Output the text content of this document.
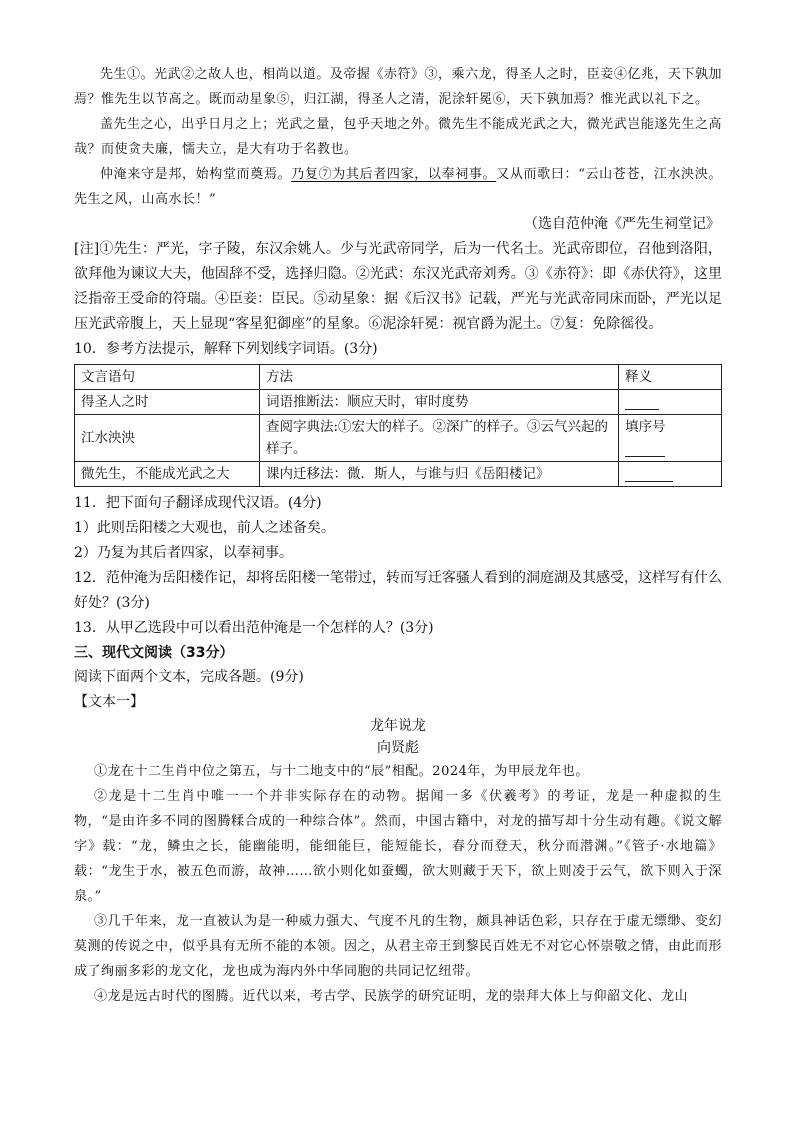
先生①。光武②之故人也，相尚以道。及帝握《赤符》③，乘六龙，得圣人之时，臣妾④亿兆，天下孰加焉？惟先生以节高之。既而动星象⑤，归江湖，得圣人之清，泥涂轩冕⑥，天下孰加焉？惟光武以礼下之。

盖先生之心，出乎日月之上；光武之量，包乎天地之外。微先生不能成光武之大，微光武岂能遂先生之高哉？而使贪夫廉，懦夫立，是大有功于名教也。

仲淹来守是邦，始构堂而奠焉。乃复⑦为其后者四家，以奉祠事。又从而歌曰：“云山苍苍，江水泱泱。先生之风，山高水长！”

（选自范仲淹《严先生祠堂记》

[注]①先生：严光，字子陵，东汉余姚人。少与光武帝同学，后为一代名士。光武帝即位，召他到洛阳，欲拜他为谏议大夫，他固辞不受，选择归隐。②光武：东汉光武帝刘秀。③《赤符》：即《赤伏符》，这里泛指帝王受命的符瑞。④臣妾：臣民。⑤动星象：据《后汉书》记载，严光与光武帝同床而卧，严光以足压光武帝腹上，天上显现“客星犯御座”的星象。⑥泥涂轩冕：视官爵为泥土。⑦复：免除徭役。

10．参考方法提示，解释下列划线字词语。(3分)

文言语句	方法	释义
得圣人之时	词语推断法：顺应天时，审时度势	
江水泱泱	查阅字典法:①宏大的样子。②深广的样子。③云气兴起的样子。	填序号

微先生，不能成光武之大	课内迁移法：微．斯人，与谁与归《岳阳楼记》	

11．把下面句子翻译成现代汉语。(4分)

1）此则岳阳楼之大观也，前人之述备矣。

2）乃复为其后者四家，以奉祠事。

12．范仲淹为岳阳楼作记，却将岳阳楼一笔带过，转而写迁客骚人看到的洞庭湖及其感受，这样写有什么好处？(3分)

13．从甲乙选段中可以看出范仲淹是一个怎样的人？(3分)

三、现代文阅读（33分）

阅读下面两个文本，完成各题。(9分)

【文本一】

龙年说龙

向贤彪

①龙在十二生肖中位之第五，与十二地支中的“辰”相配。2024年，为甲辰龙年也。

②龙是十二生肖中唯一一个并非实际存在的动物。据闻一多《伏羲考》的考证，龙是一种虚拟的生物，“是由许多不同的图腾糅合成的一种综合体”。然而，中国古籍中，对龙的描写却十分生动有趣。《说文解字》载：“龙，鳞虫之长，能幽能明，能细能巨，能短能长，春分而登天，秋分而潜渊。”《管子·水地篇》载：“龙生于水，被五色而游，故神……欲小则化如蚕蠋，欲大则藏于天下，欲上则凌于云气，欲下则入于深泉。”

③几千年来，龙一直被认为是一种威力强大、气度不凡的生物，颇具神话色彩，只存在于虚无缥缈、变幻莫测的传说之中，似乎具有无所不能的本领。因之，从君主帝王到黎民百姓无不对它心怀崇敬之情，由此而形成了绚丽多彩的龙文化，龙也成为海内外中华同胞的共同记忆纽带。

④龙是远古时代的图腾。近代以来，考古学、民族学的研究证明，龙的崇拜大体上与仰韶文化、龙山
